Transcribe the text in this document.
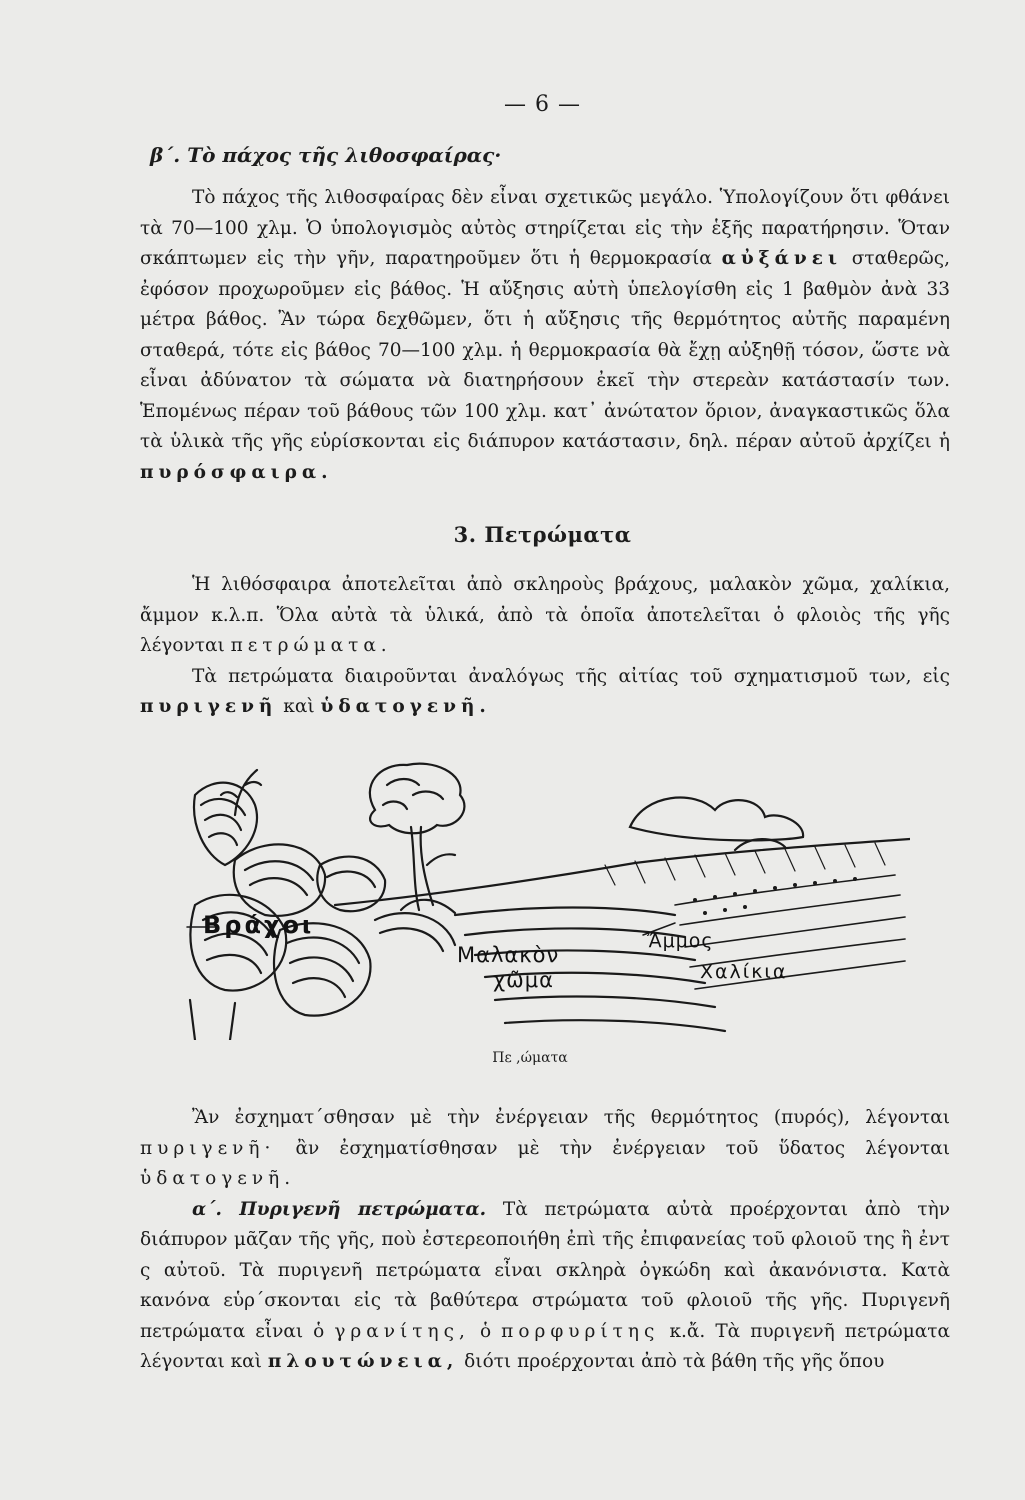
— 6 —
β΄. Τὸ πάχος τῆς λιθοσφαίρας·

Τὸ πάχος τῆς λιθοσφαίρας δὲν εἶναι σχετικῶς μεγάλο. Ὑπολογίζουν ὅτι φθάνει τὰ 70—100 χλμ. Ὁ ὑπολογισμὸς αὐτὸς στηρίζεται εἰς τὴν ἑξῆς παρατήρησιν. Ὅταν σκάπτωμεν εἰς τὴν γῆν, παρατηροῦμεν ὅτι ἡ θερμοκρασία αὐξάνει σταθερῶς, ἐφόσον προχωροῦμεν εἰς βάθος. Ἡ αὔξησις αὐτὴ ὑπελογίσθη εἰς 1 βαθμὸν ἀνὰ 33 μέτρα βάθος. Ἂν τώρα δεχθῶμεν, ὅτι ἡ αὔξησις τῆς θερμότητος αὐτῆς παραμένη σταθερά, τότε εἰς βάθος 70—100 χλμ. ἡ θερμοκρασία θὰ ἔχῃ αὐξηθῇ τόσον, ὥστε νὰ εἶναι ἀδύνατον τὰ σώματα νὰ διατηρήσουν ἐκεῖ τὴν στερεὰν κατάστασίν των. Ἑπομένως πέραν τοῦ βάθους τῶν 100 χλμ. κατ᾽ ἀνώτατον ὅριον, ἀναγκαστικῶς ὅλα τὰ ὑλικὰ τῆς γῆς εὑρίσκονται εἰς διάπυρον κατάστασιν, δηλ. πέραν αὐτοῦ ἀρχίζει ἡ πυρόσφαιρα.

3. Πετρώματα

Ἡ λιθόσφαιρα ἀποτελεῖται ἀπὸ σκληροὺς βράχους, μαλακὸν χῶμα, χαλίκια, ἄμμον κ.λ.π. Ὅλα αὐτὰ τὰ ὑλικά, ἀπὸ τὰ ὁποῖα ἀποτελεῖται ὁ φλοιὸς τῆς γῆς λέγονται πετρώματα.

Τὰ πετρώματα διαιροῦνται ἀναλόγως τῆς αἰτίας τοῦ σχηματισμοῦ των, εἰς πυριγενῆ καὶ ὑδατογενῆ.

Βράχοι
Μαλακὸν
χῶμα
Ἄμμος
Χαλίκια
Πε ,ώματα

Ἂν ἐσχηματ΄σθησαν μὲ τὴν ἐνέργειαν τῆς θερμότητος (πυρός), λέγονται πυριγενῆ· ἂν ἐσχηματίσθησαν μὲ τὴν ἐνέργειαν τοῦ ὕδατος λέγονται ὑδατογενῆ.

α΄. Πυριγενῆ πετρώματα. Τὰ πετρώματα αὐτὰ προέρχονται ἀπὸ τὴν διάπυρον μᾶζαν τῆς γῆς, ποὺ ἐστερεοποιήθη ἐπὶ τῆς ἐπιφανείας τοῦ φλοιοῦ της ἢ ἐντ ς αὐτοῦ. Τὰ πυριγενῆ πετρώματα εἶναι σκληρὰ ὀγκώδη καὶ ἀκανόνιστα. Κατὰ κανόνα εὑρ΄σκονται εἰς τὰ βαθύτερα στρώματα τοῦ φλοιοῦ τῆς γῆς. Πυριγενῆ πετρώματα εἶναι ὁ γρανίτης, ὁ πορφυρίτης κ.ἄ. Τὰ πυριγενῆ πετρώματα λέγονται καὶ πλουτώνεια, διότι προέρχονται ἀπὸ τὰ βάθη τῆς γῆς ὅπου
